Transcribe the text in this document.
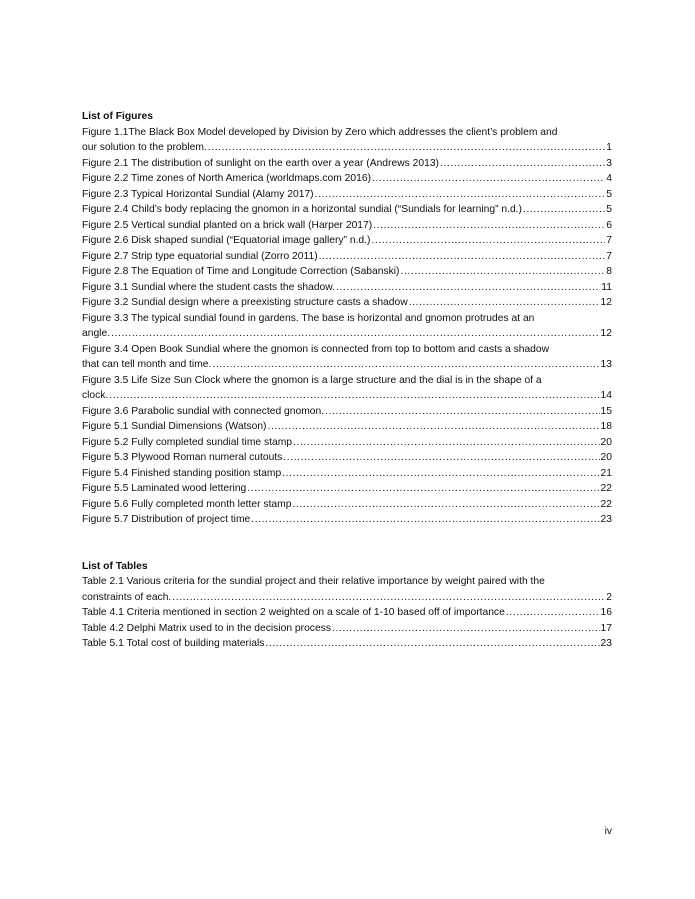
List of Figures
Figure 1.1The Black Box Model developed by Division by Zero which addresses the client’s problem and
our solution to the problem. .....	1
Figure 2.1 The distribution of sunlight on the earth over a year (Andrews 2013) .....	3
Figure 2.2 Time zones of North America (worldmaps.com 2016) .....	4
Figure 2.3 Typical Horizontal Sundial (Alamy 2017) .....	5
Figure 2.4 Child’s body replacing the gnomon in a horizontal sundial (“Sundials for learning” n.d.) .....	5
Figure 2.5 Vertical sundial planted on a brick wall (Harper 2017) .....	6
Figure 2.6 Disk shaped sundial (“Equatorial image gallery” n.d.) .....	7
Figure 2.7 Strip type equatorial sundial (Zorro 2011) .....	7
Figure 2.8 The Equation of Time and Longitude Correction (Sabanski) .....	8
Figure 3.1 Sundial where the student casts the shadow. .....	11
Figure 3.2 Sundial design where a preexisting structure casts a shadow .....	12
Figure 3.3 The typical sundial found in gardens. The base is horizontal and gnomon protrudes at an
angle. .....	12
Figure 3.4 Open Book Sundial where the gnomon is connected from top to bottom and casts a shadow
that can tell month and time. .....	13
Figure 3.5 Life Size Sun Clock where the gnomon is a large structure and the dial is in the shape of a
clock. .....	14
Figure 3.6 Parabolic sundial with connected gnomon. .....	15
Figure 5.1 Sundial Dimensions (Watson) .....	18
Figure 5.2 Fully completed sundial time stamp .....	20
Figure 5.3 Plywood Roman numeral cutouts .....	20
Figure 5.4 Finished standing position stamp .....	21
Figure 5.5 Laminated wood lettering .....	22
Figure 5.6 Fully completed month letter stamp .....	22
Figure 5.7 Distribution of project time .....	23
List of Tables
Table 2.1 Various criteria for the sundial project and their relative importance by weight paired with the
constraints of each. .....	2
Table 4.1 Criteria mentioned in section 2 weighted on a scale of 1-10 based off of importance .....	16
Table 4.2 Delphi Matrix used to in the decision process .....	17
Table 5.1 Total cost of building materials .....	23
iv
